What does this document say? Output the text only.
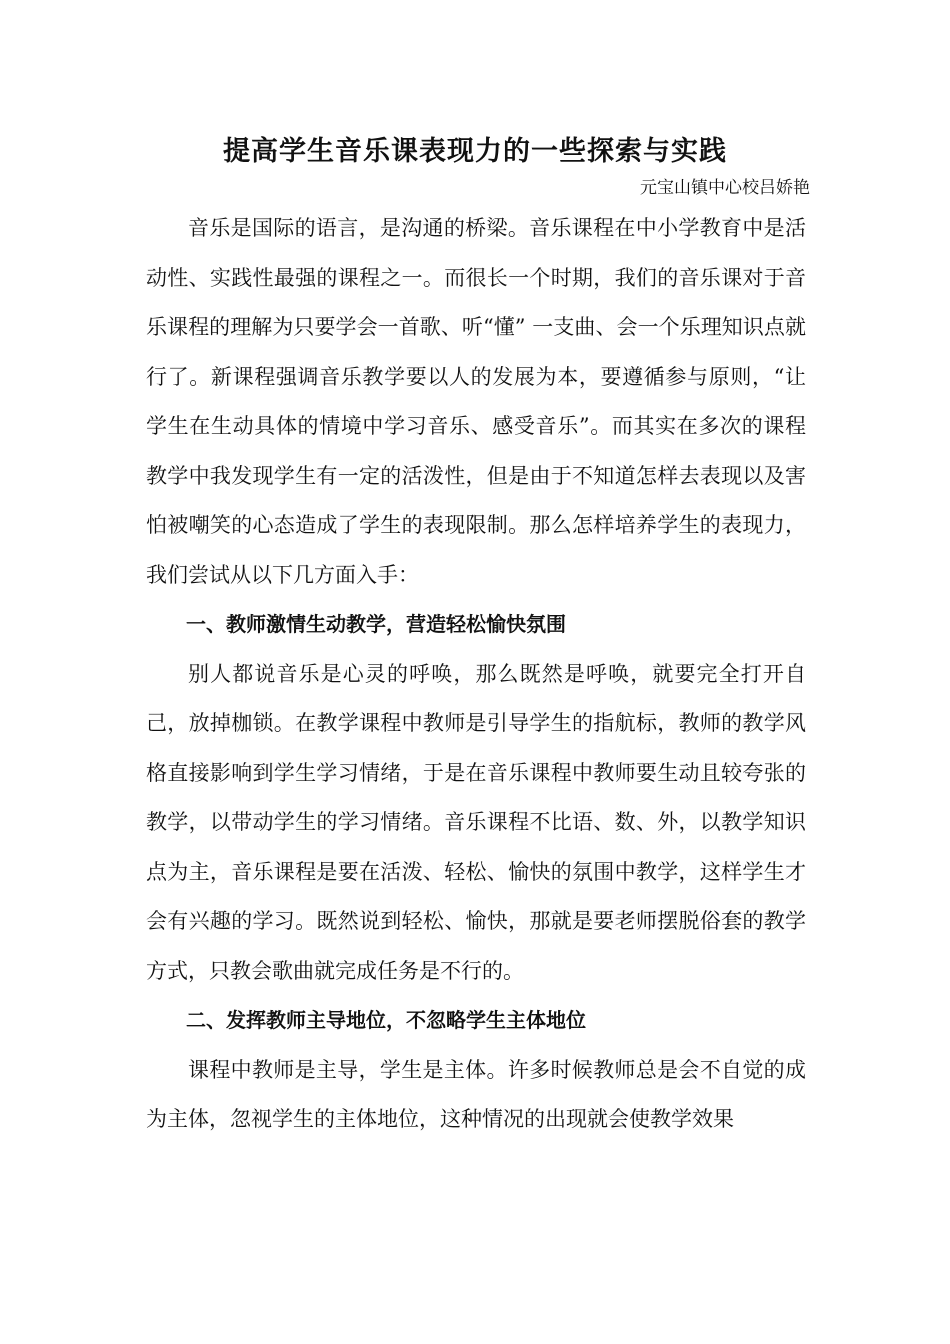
提高学生音乐课表现力的一些探索与实践

元宝山镇中心校吕娇艳

音乐是国际的语言，是沟通的桥梁。音乐课程在中小学教育中是活动性、实践性最强的课程之一。而很长一个时期，我们的音乐课对于音乐课程的理解为只要学会一首歌、听“懂” 一支曲、会一个乐理知识点就行了。新课程强调音乐教学要以人的发展为本，要遵循参与原则，“让学生在生动具体的情境中学习音乐、感受音乐”。而其实在多次的课程教学中我发现学生有一定的活泼性，但是由于不知道怎样去表现以及害怕被嘲笑的心态造成了学生的表现限制。那么怎样培养学生的表现力，我们尝试从以下几方面入手：

一、教师激情生动教学，营造轻松愉快氛围

别人都说音乐是心灵的呼唤，那么既然是呼唤，就要完全打开自己，放掉枷锁。在教学课程中教师是引导学生的指航标，教师的教学风格直接影响到学生学习情绪，于是在音乐课程中教师要生动且较夸张的教学，以带动学生的学习情绪。音乐课程不比语、数、外，以教学知识点为主，音乐课程是要在活泼、轻松、愉快的氛围中教学，这样学生才会有兴趣的学习。既然说到轻松、愉快，那就是要老师摆脱俗套的教学方式，只教会歌曲就完成任务是不行的。

二、发挥教师主导地位，不忽略学生主体地位

课程中教师是主导，学生是主体。许多时候教师总是会不自觉的成为主体，忽视学生的主体地位，这种情况的出现就会使教学效果
